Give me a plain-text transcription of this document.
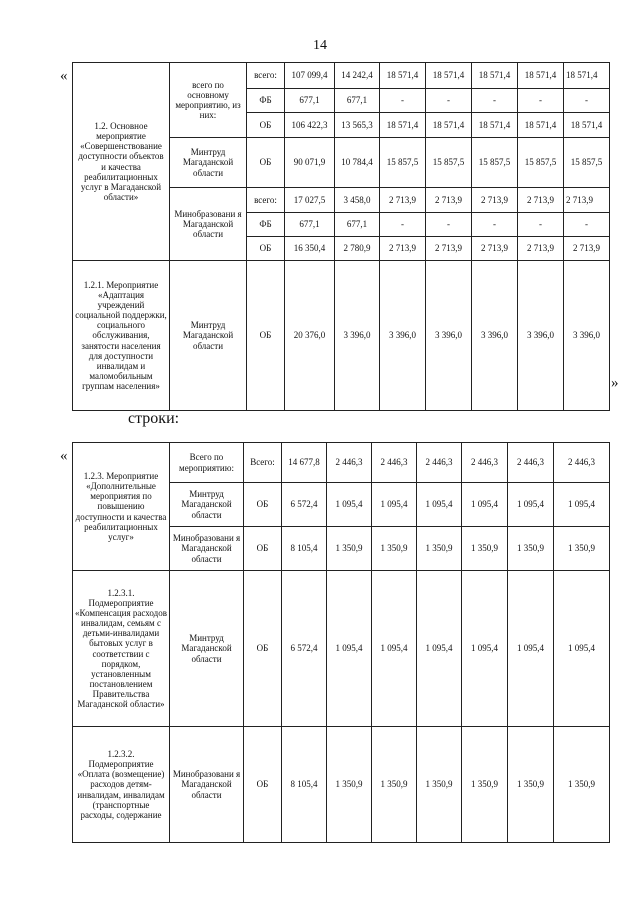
14
«
»
1.2. Основное мероприятие «Совершенствование доступности объектов и качества реабилитационных услуг в Магаданской области»	всего по основному мероприятию, из них:	всего:	107 099,4	14 242,4	18 571,4	18 571,4	18 571,4	18 571,4	18 571,4
		ФБ	677,1	677,1	-	-	-	-	-
		ОБ	106 422,3	13 565,3	18 571,4	18 571,4	18 571,4	18 571,4	18 571,4
	Минтруд Магаданской области	ОБ	90 071,9	10 784,4	15 857,5	15 857,5	15 857,5	15 857,5	15 857,5
	Минобразовани я Магаданской области	всего:	17 027,5	3 458,0	2 713,9	2 713,9	2 713,9	2 713,9	2 713,9
		ФБ	677,1	677,1	-	-	-	-	-
		ОБ	16 350,4	2 780,9	2 713,9	2 713,9	2 713,9	2 713,9	2 713,9
1.2.1. Мероприятие «Адаптация учреждений социальной поддержки, социального обслуживания, занятости населения для доступности инвалидам и маломобильным группам населения»	Минтруд Магаданской области	ОБ	20 376,0	3 396,0	3 396,0	3 396,0	3 396,0	3 396,0	3 396,0
строки:
«
1.2.3. Мероприятие «Дополнительные мероприятия по повышению доступности и качества реабилитационных услуг»	Всего по мероприятию:	Всего:	14 677,8	2 446,3	2 446,3	2 446,3	2 446,3	2 446,3	2 446,3
	Минтруд Магаданской области	ОБ	6 572,4	1 095,4	1 095,4	1 095,4	1 095,4	1 095,4	1 095,4
	Минобразовани я Магаданской области	ОБ	8 105,4	1 350,9	1 350,9	1 350,9	1 350,9	1 350,9	1 350,9
1.2.3.1. Подмероприятие «Компенсация расходов инвалидам, семьям с детьми-инвалидами бытовых услуг в соответствии с порядком, установленным постановлением Правительства Магаданской области»	Минтруд Магаданской области	ОБ	6 572,4	1 095,4	1 095,4	1 095,4	1 095,4	1 095,4	1 095,4
1.2.3.2. Подмероприятие «Оплата (возмещение) расходов детям-инвалидам, инвалидам (транспортные расходы, содержание	Минобразовани я Магаданской области	ОБ	8 105,4	1 350,9	1 350,9	1 350,9	1 350,9	1 350,9	1 350,9
